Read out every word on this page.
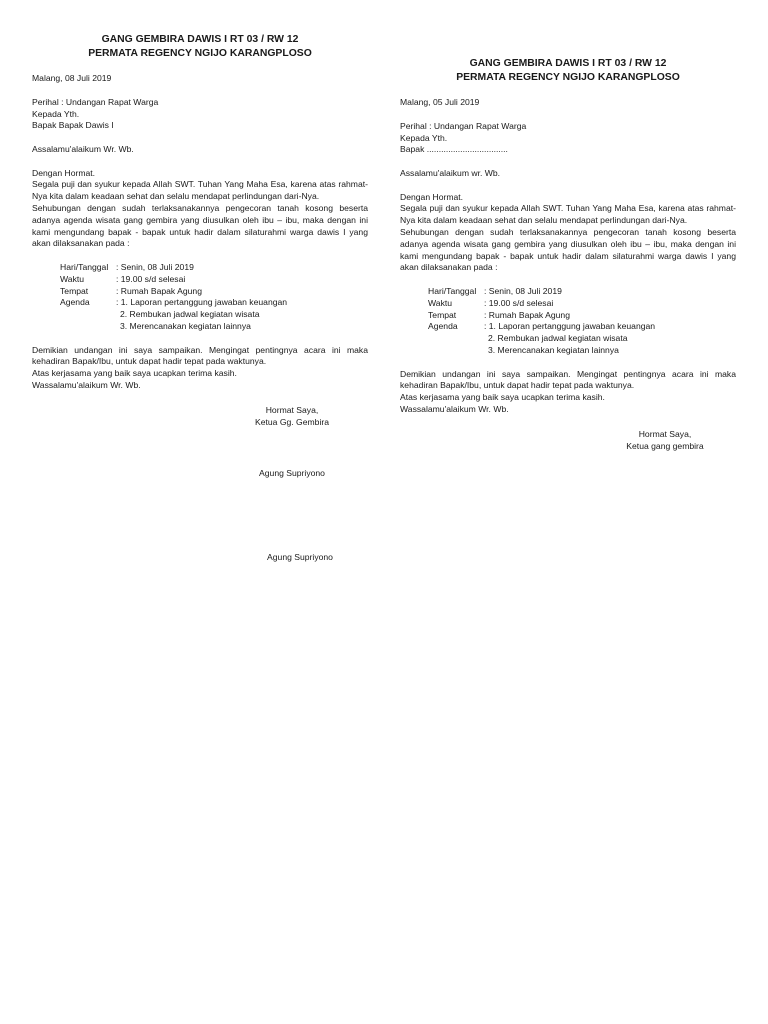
GANG GEMBIRA DAWIS I RT 03 / RW 12
PERMATA REGENCY NGIJO KARANGPLOSO

Malang, 08 Juli 2019

Perihal : Undangan Rapat Warga

Kepada Yth.

Bapak Bapak Dawis I

Assalamu'alaikum Wr. Wb.

Dengan Hormat.

Segala puji dan syukur kepada Allah SWT. Tuhan Yang Maha Esa, karena atas rahmat-Nya kita dalam keadaan sehat dan selalu mendapat perlindungan dari-Nya.

Sehubungan dengan sudah terlaksanakannya pengecoran tanah kosong beserta adanya agenda wisata gang gembira yang diusulkan oleh ibu – ibu, maka dengan ini kami mengundang bapak - bapak untuk hadir dalam silaturahmi warga dawis I yang akan dilaksanakan pada :

Hari/Tanggal : Senin, 08 Juli 2019
Waktu	: 19.00 s/d selesai
Tempat	: Rumah Bapak Agung
Agenda	: 1. Laporan pertanggung jawaban keuangan
2. Rembukan jadwal kegiatan wisata
3. Merencanakan kegiatan lainnya

Demikian undangan ini saya sampaikan. Mengingat pentingnya acara ini maka kehadiran Bapak/Ibu, untuk dapat hadir tepat pada waktunya.

Atas kerjasama yang baik saya ucapkan terima kasih.

Wassalamu'alaikum Wr. Wb.

Hormat Saya,

Ketua Gg. Gembira

Agung Supriyono

Agung Supriyono

GANG GEMBIRA DAWIS I RT 03 / RW 12
PERMATA REGENCY NGIJO KARANGPLOSO

Malang, 05 Juli 2019

Perihal : Undangan Rapat Warga

Kepada Yth.

Bapak ..................................

Assalamu'alaikum wr. Wb.

Dengan Hormat.

Segala puji dan syukur kepada Allah SWT. Tuhan Yang Maha Esa, karena atas rahmat-Nya kita dalam keadaan sehat dan selalu mendapat perlindungan dari-Nya.

Sehubungan dengan sudah terlaksanakannya pengecoran tanah kosong beserta adanya agenda wisata gang gembira yang diusulkan oleh ibu – ibu, maka dengan ini kami mengundang bapak - bapak untuk hadir dalam silaturahmi warga dawis I yang akan dilaksanakan pada :

Hari/Tanggal : Senin, 08 Juli 2019
Waktu	: 19.00 s/d selesai
Tempat	: Rumah Bapak Agung
Agenda	: 1. Laporan pertanggung jawaban keuangan
2. Rembukan jadwal kegiatan wisata
3. Merencanakan kegiatan lainnya

Demikian undangan ini saya sampaikan. Mengingat pentingnya acara ini maka kehadiran Bapak/Ibu, untuk dapat hadir tepat pada waktunya.

Atas kerjasama yang baik saya ucapkan terima kasih.

Wassalamu'alaikum Wr. Wb.

Hormat Saya,

Ketua gang gembira
